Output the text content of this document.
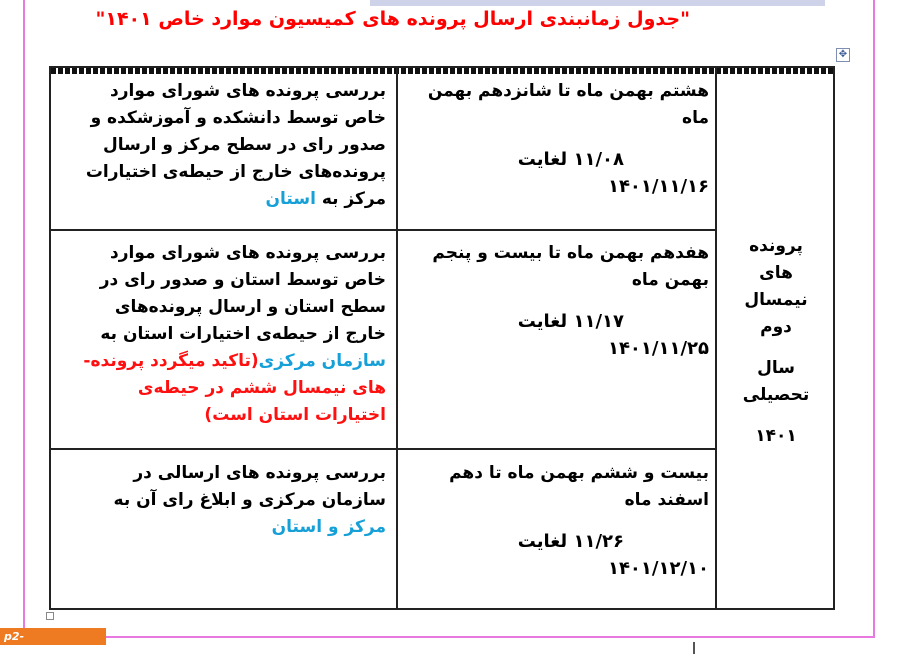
"جدول زمانبندی ارسال پرونده های کمیسیون موارد خاص ۱۴۰۱"
✥
هشتم بهمن ماه تا شانزدهم بهمن ماه
۱۱/۰۸ لغایت
۱۴۰۱/۱۱/۱۶
بررسی پرونده های شورای موارد خاص توسط دانشکده و آموزشکده و صدور رای در سطح مرکز و ارسال پرونده‌های خارج از حیطه‌ی اختیارات مرکز به استان
هفدهم بهمن ماه تا بیست و پنجم بهمن ماه
۱۱/۱۷ لغایت
۱۴۰۱/۱۱/۲۵
بررسی پرونده های شورای موارد خاص توسط استان و صدور رای در سطح استان و ارسال پرونده‌های خارج از حیطه‌ی اختیارات استان به سازمان مرکزی(تاکید میگردد پرونده-های نیمسال ششم در حیطه‌ی اختیارات استان است)
بیست و ششم بهمن ماه تا دهم اسفند ماه
۱۱/۲۶ لغایت
۱۴۰۱/۱۲/۱۰
بررسی پرونده های ارسالی در سازمان مرکزی و ابلاغ رای آن به مرکز و استان
پرونده
های
نیمسال
دوم
سال
تحصیلی
۱۴۰۱
p2-tabriz.nus.ac.ir
